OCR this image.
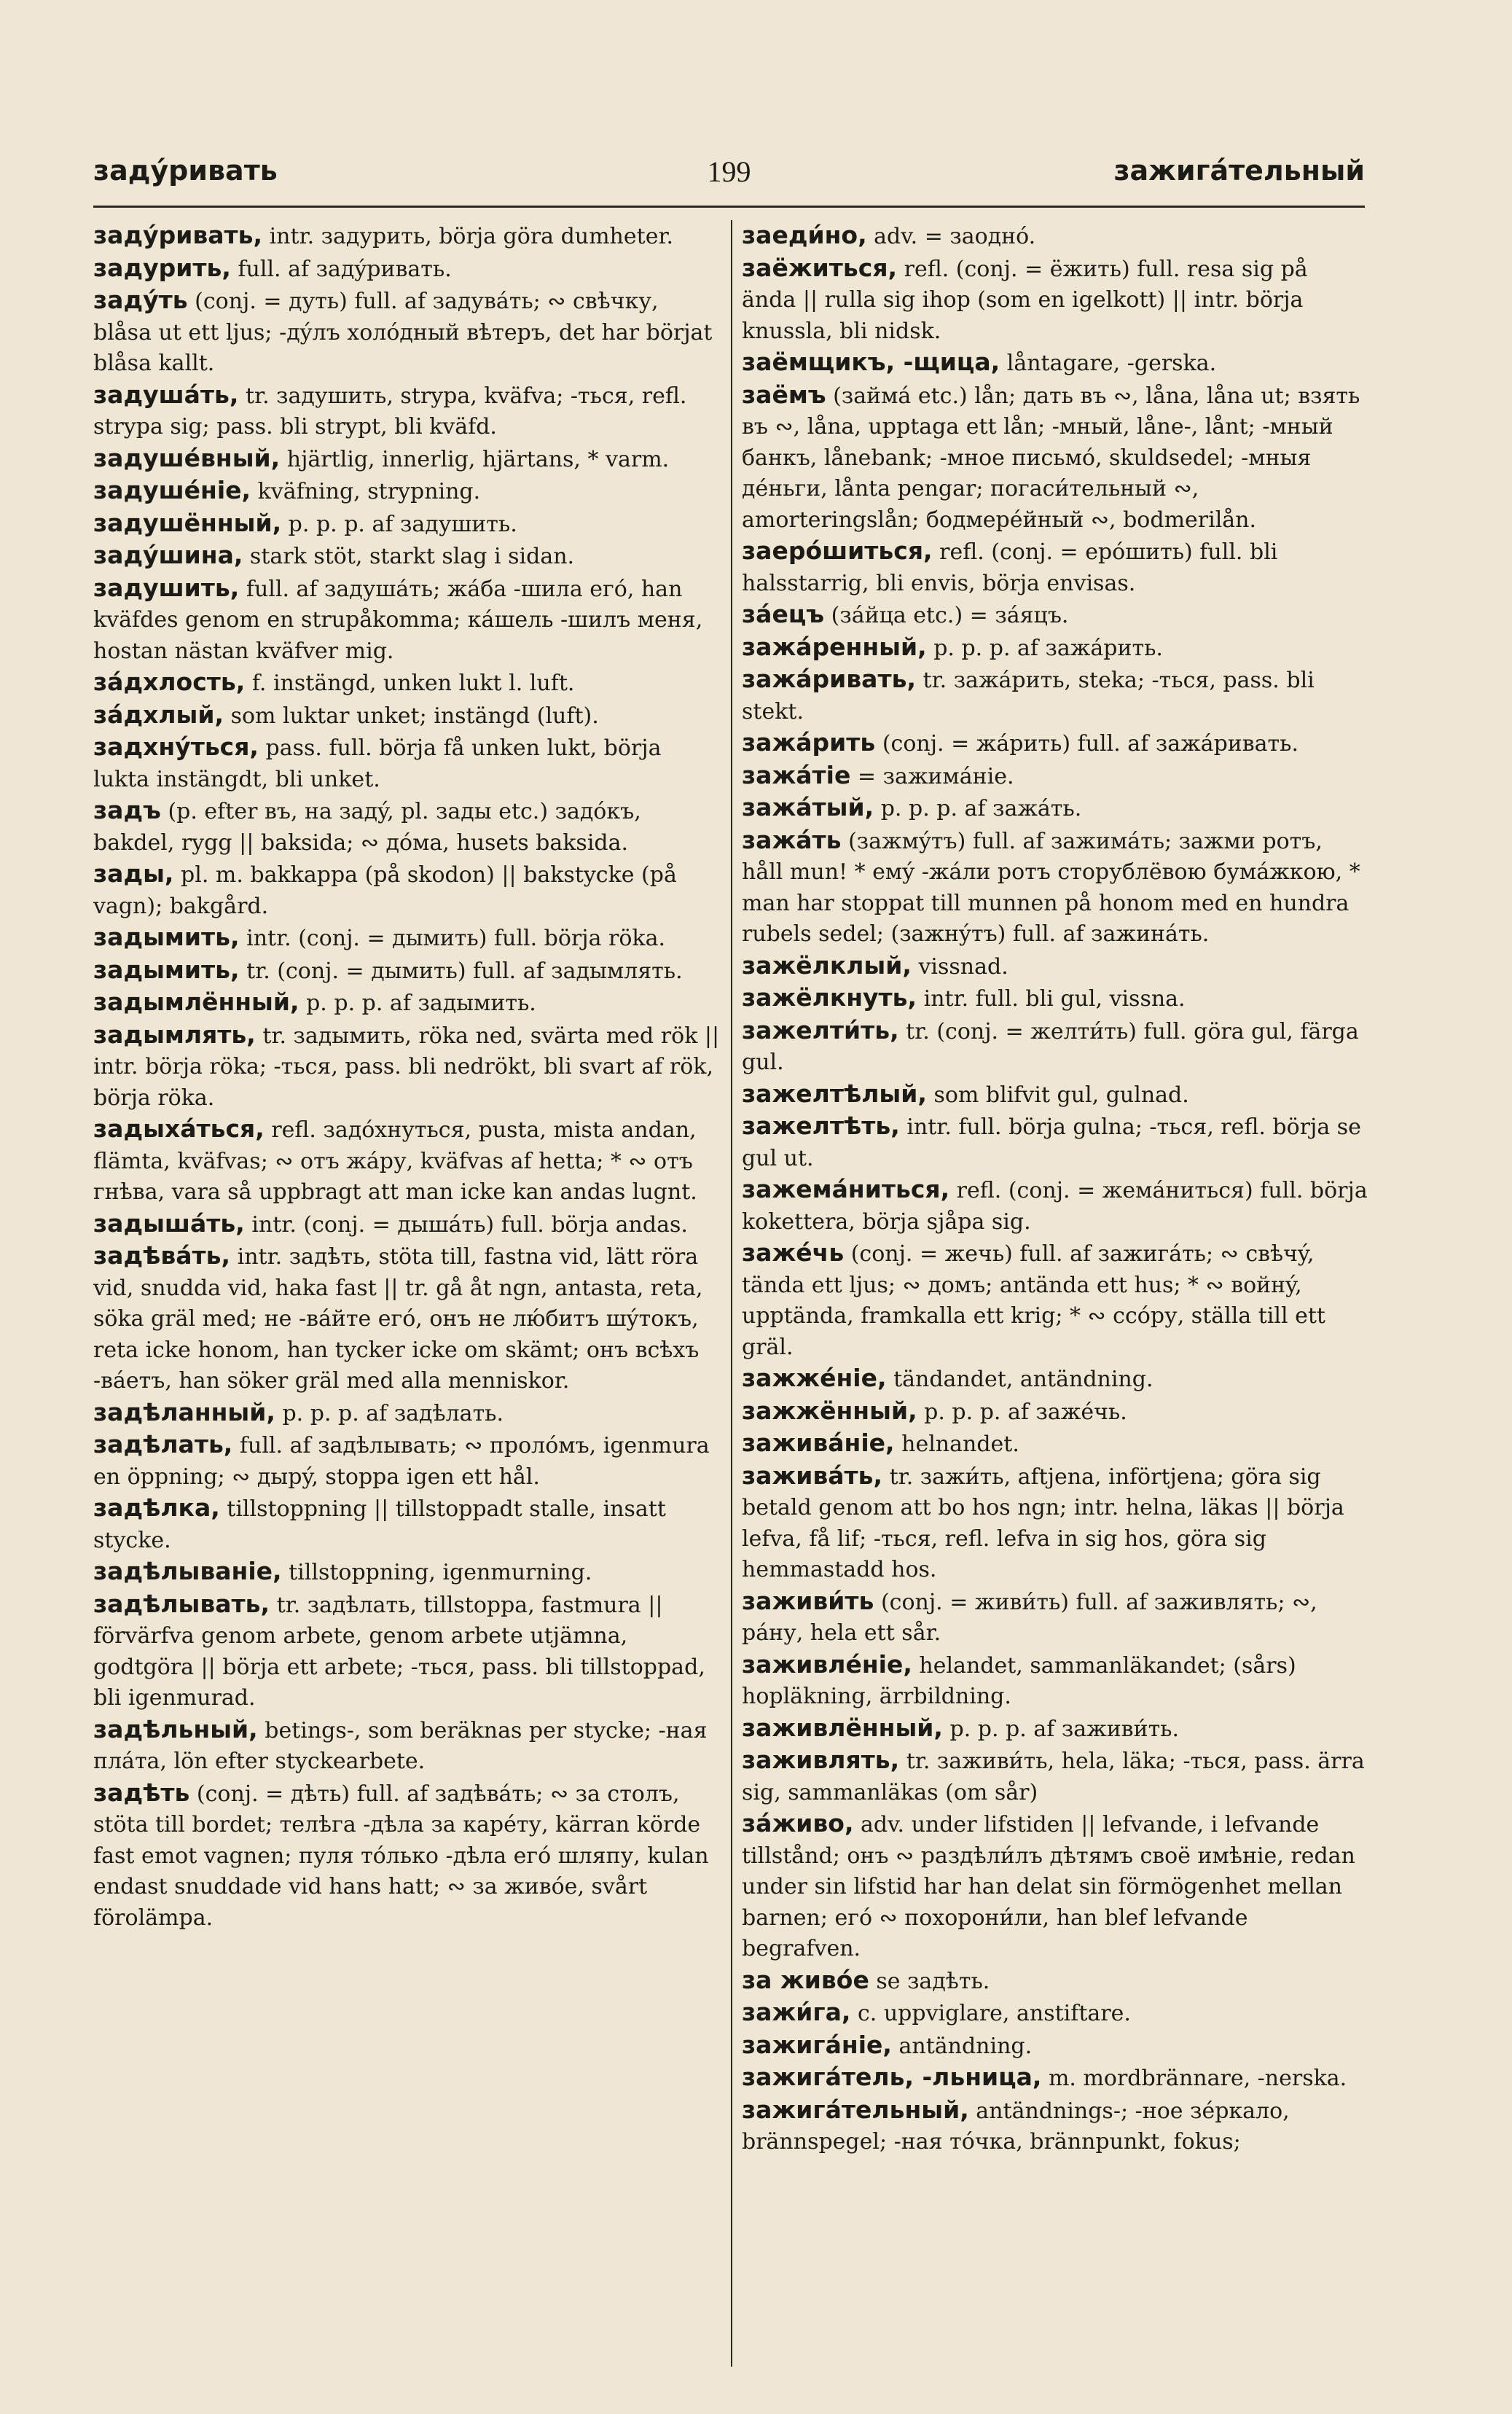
199
задýривать	зажигáтельный

задýривать, intr. задурить, börja göra dumheter.

задурить, full. af задýривать.

задýть (conj. = дуть) full. af задувáть; ∾ свѣчку, blåsa ut ett ljus; -дýлъ холóдный вѣтеръ, det har börjat blåsa kallt.

задушáть, tr. задушить, strypa, kväfva; -ться, refl. strypa sig; pass. bli strypt, bli kväfd.

задушéвный, hjärtlig, innerlig, hjärtans, * varm.

задушéніе, kväfning, strypning.

задушённый, p. p. p. af задушить.

задýшина, stark stöt, starkt slag i sidan.

задушить, full. af задушáть; жáба -шила егó, han kväfdes genom en strupåkomma; кáшель -шилъ меня, hostan nästan kväfver mig.

зáдхлость, f. instängd, unken lukt l. luft.

зáдхлый, som luktar unket; instängd (luft).

задхнýться, pass. full. börja få unken lukt, börja lukta instängdt, bli unket.

задъ (p. efter въ, на задý, pl. зады etc.) задóкъ, bakdel, rygg || baksida; ∾ дóма, husets baksida.

зады, pl. m. bakkappa (på skodon) || bakstycke (på vagn); bakgård.

задымить, intr. (conj. = дымить) full. börja röka.

задымить, tr. (conj. = дымить) full. af задымлять.

задымлённый, p. p. p. af задымить.

задымлять, tr. задымить, röka ned, svärta med rök || intr. börja röka; -ться, pass. bli nedrökt, bli svart af rök, börja röka.

задыхáться, refl. задóхнуться, pusta, mista andan, flämta, kväfvas; ∾ отъ жáру, kväfvas af hetta; * ∾ отъ гнѣва, vara så uppbragt att man icke kan andas lugnt.

задышáть, intr. (conj. = дышáть) full. börja andas.

задѣвáть, intr. задѣть, stöta till, fastna vid, lätt röra vid, snudda vid, haka fast || tr. gå åt ngn, antasta, reta, söka gräl med; не -вáйте егó, онъ не лю́битъ шýтокъ, reta icke honom, han tycker icke om skämt; онъ всѣхъ -вáетъ, han söker gräl med alla menniskor.

задѣланный, p. p. p. af задѣлать.

задѣлать, full. af задѣлывать; ∾ пролóмъ, igenmura en öppning; ∾ дырý, stoppa igen ett hål.

задѣлка, tillstoppning || tillstoppadt stalle, insatt stycke.

задѣлываніе, tillstoppning, igenmurning.

задѣлывать, tr. задѣлать, tillstoppa, fastmura || förvärfva genom arbete, genom arbete utjämna, godtgöra || börja ett arbete; -ться, pass. bli tillstoppad, bli igenmurad.

задѣльный, betings-, som beräknas per stycke; -ная плáта, lön efter styckearbete.

задѣть (conj. = дѣть) full. af задѣвáть; ∾ за столъ, stöta till bordet; телѣга -дѣла за карéту, kärran körde fast emot vagnen; пуля тóлько -дѣла егó шляпу, kulan endast snuddade vid hans hatt; ∾ за живóе, svårt förolämpa.

заеди́но, adv. = заоднó.

заёжиться, refl. (conj. = ёжить) full. resa sig på ända || rulla sig ihop (som en igelkott) || intr. börja knussla, bli nidsk.

заёмщикъ, -щица, låntagare, -gerska.

заёмъ (займá etc.) lån; дать въ ∾, låna, låna ut; взять въ ∾, låna, upptaga ett lån; -мный, låne-, lånt; -мный банкъ, lånebank; -мное письмó, skuldsedel; -мныя дéньги, lånta pengar; погаси́тельный ∾, amorteringslån; бодмерéйный ∾, bodmerilån.

заерóшиться, refl. (conj. = ерóшить) full. bli halsstarrig, bli envis, börja envisas.

зáецъ (зáйца etc.) = зáяцъ.

зажáренный, p. p. p. af зажáрить.

зажáривать, tr. зажáрить, steka; -ться, pass. bli stekt.

зажáрить (conj. = жáрить) full. af зажáривать.

зажáтіе = зажимáніе.

зажáтый, p. p. p. af зажáть.

зажáть (зажмýтъ) full. af зажимáть; зажми ротъ, håll mun! * емý -жáли ротъ сторублёвою бумáжкою, * man har stoppat till munnen på honom med en hundra rubels sedel; (зажнýтъ) full. af зажинáть.

зажёлклый, vissnad.

зажёлкнуть, intr. full. bli gul, vissna.

зажелти́ть, tr. (conj. = желти́ть) full. göra gul, färga gul.

зажелтѣлый, som blifvit gul, gulnad.

зажелтѣть, intr. full. börja gulna; -ться, refl. börja se gul ut.

зажемáниться, refl. (conj. = жемáниться) full. börja kokettera, börja sjåpa sig.

зажéчь (conj. = жечь) full. af зажигáть; ∾ свѣчý, tända ett ljus; ∾ домъ; antända ett hus; * ∾ войнý, upptända, framkalla ett krig; * ∾ ссóру, ställa till ett gräl.

зажжéніе, tändandet, antändning.

зажжённый, p. p. p. af зажéчь.

заживáніе, helnandet.

заживáть, tr. зажи́ть, aftjena, införtjena; göra sig betald genom att bo hos ngn; intr. helna, läkas || börja lefva, få lif; -ться, refl. lefva in sig hos, göra sig hemmastadd hos.

заживи́ть (conj. = живи́ть) full. af заживлять; ∾, рáну, hela ett sår.

заживлéніе, helandet, sammanläkandet; (sårs) hopläkning, ärrbildning.

заживлённый, p. p. p. af заживи́ть.

заживлять, tr. заживи́ть, hela, läka; -ться, pass. ärra sig, sammanläkas (om sår)

зáживо, adv. under lifstiden || lefvande, i lefvande tillstånd; онъ ∾ раздѣли́лъ дѣтямъ своё имѣніе, redan under sin lifstid har han delat sin förmögenhet mellan barnen; егó ∾ похорони́ли, han blef lefvande begrafven.

за живóе se задѣть.

зажи́га, c. uppviglare, anstiftare.

зажигáніе, antändning.

зажигáтель, -льница, m. mordbrännare, -nerska.

зажигáтельный, antändnings-; -ное зéркало, brännspegel; -ная тóчка, brännpunkt, fokus;
